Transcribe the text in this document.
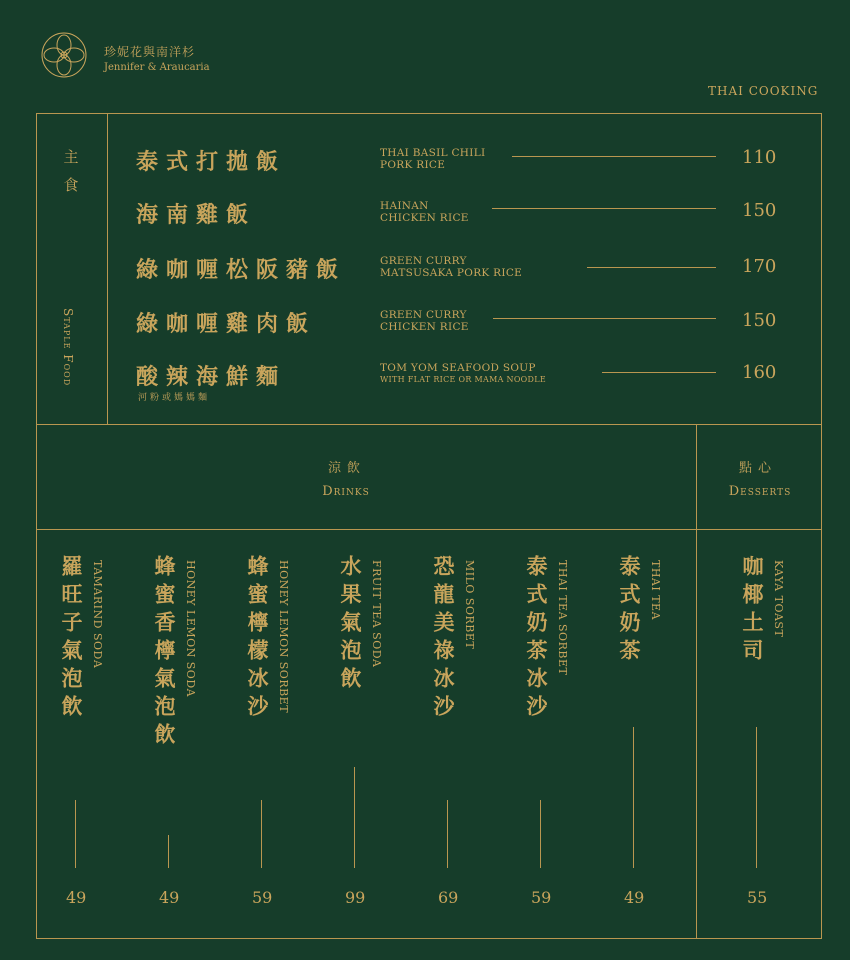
珍妮花與南洋杉
Jennifer & Araucaria
THAI COOKING
主食
Staple Food
泰式打拋飯	THAI BASIL CHILI
PORK RICE	110
海南雞飯	HAINAN
CHICKEN RICE	150
綠咖喱松阪豬飯	GREEN CURRY
MATSUSAKA PORK RICE	170
綠咖喱雞肉飯	GREEN CURRY
CHICKEN RICE	150
酸辣海鮮麵
河粉或媽媽麵
TOM YOM SEAFOOD SOUP
WITH FLAT RICE OR MAMA NOODLE	160
涼飲
Drinks
點心
Desserts
羅旺子氣泡飲 TAMARIND SODA
49
蜂蜜香檸氣泡飲 HONEY LEMON SODA
49
蜂蜜檸檬冰沙 HONEY LEMON SORBET
59
水果氣泡飲 FRUIT TEA SODA
99
恐龍美祿冰沙 MILO SORBET
69
泰式奶茶冰沙 THAI TEA SORBET
59
泰式奶茶 THAI TEA
49
咖椰土司 KAYA TOAST
55
